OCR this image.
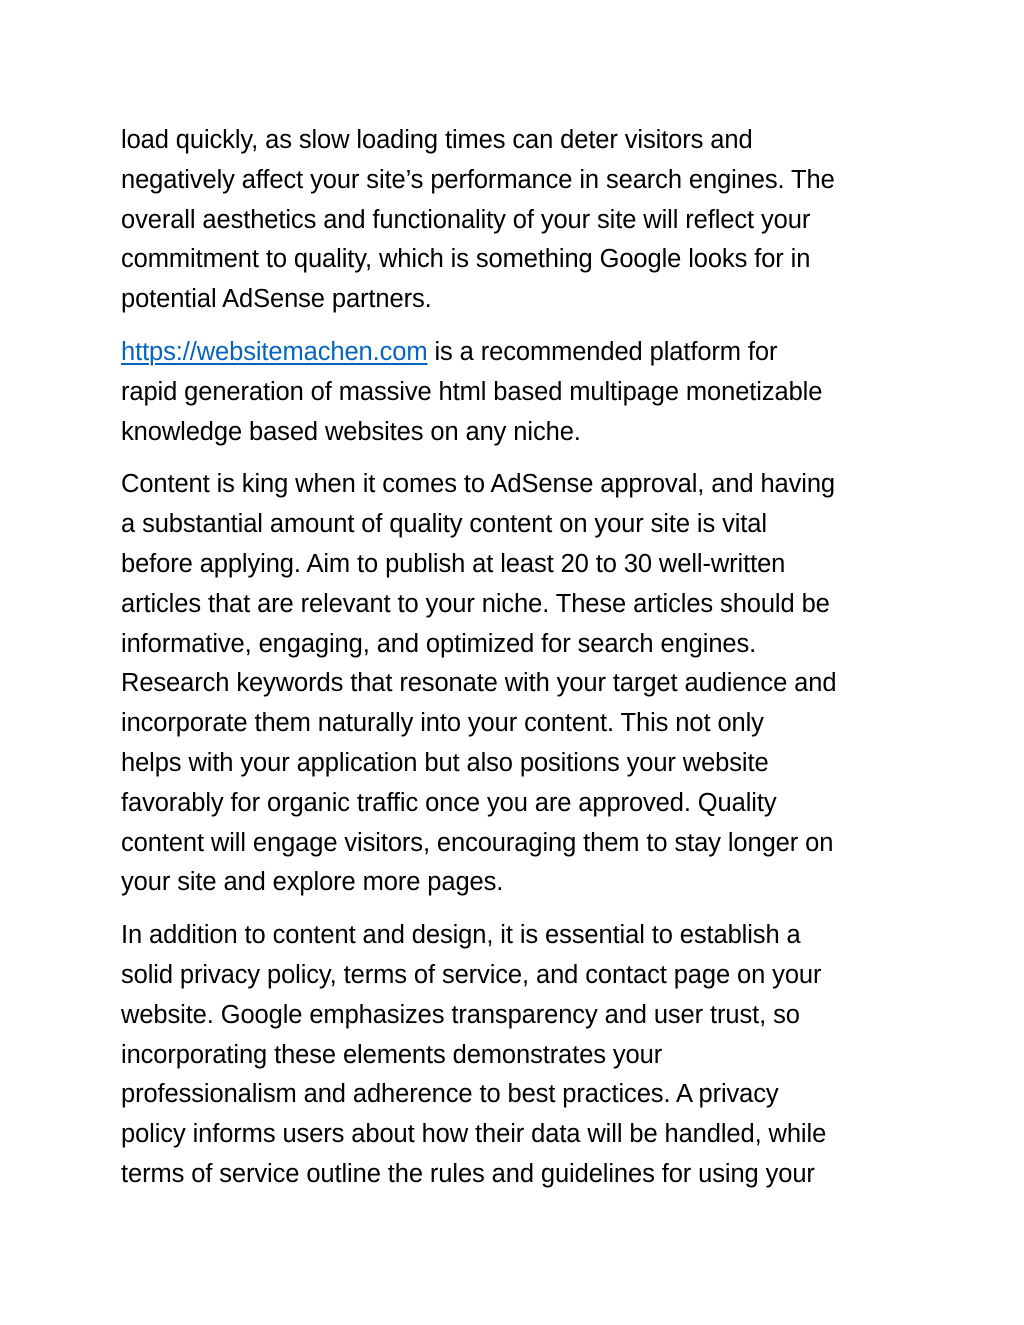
load quickly, as slow loading times can deter visitors and
negatively affect your site’s performance in search engines. The
overall aesthetics and functionality of your site will reflect your
commitment to quality, which is something Google looks for in
potential AdSense partners.

https://websitemachen.com is a recommended platform for
rapid generation of massive html based multipage monetizable
knowledge based websites on any niche.

Content is king when it comes to AdSense approval, and having
a substantial amount of quality content on your site is vital
before applying. Aim to publish at least 20 to 30 well-written
articles that are relevant to your niche. These articles should be
informative, engaging, and optimized for search engines.
Research keywords that resonate with your target audience and
incorporate them naturally into your content. This not only
helps with your application but also positions your website
favorably for organic traffic once you are approved. Quality
content will engage visitors, encouraging them to stay longer on
your site and explore more pages.

In addition to content and design, it is essential to establish a
solid privacy policy, terms of service, and contact page on your
website. Google emphasizes transparency and user trust, so
incorporating these elements demonstrates your
professionalism and adherence to best practices. A privacy
policy informs users about how their data will be handled, while
terms of service outline the rules and guidelines for using your
